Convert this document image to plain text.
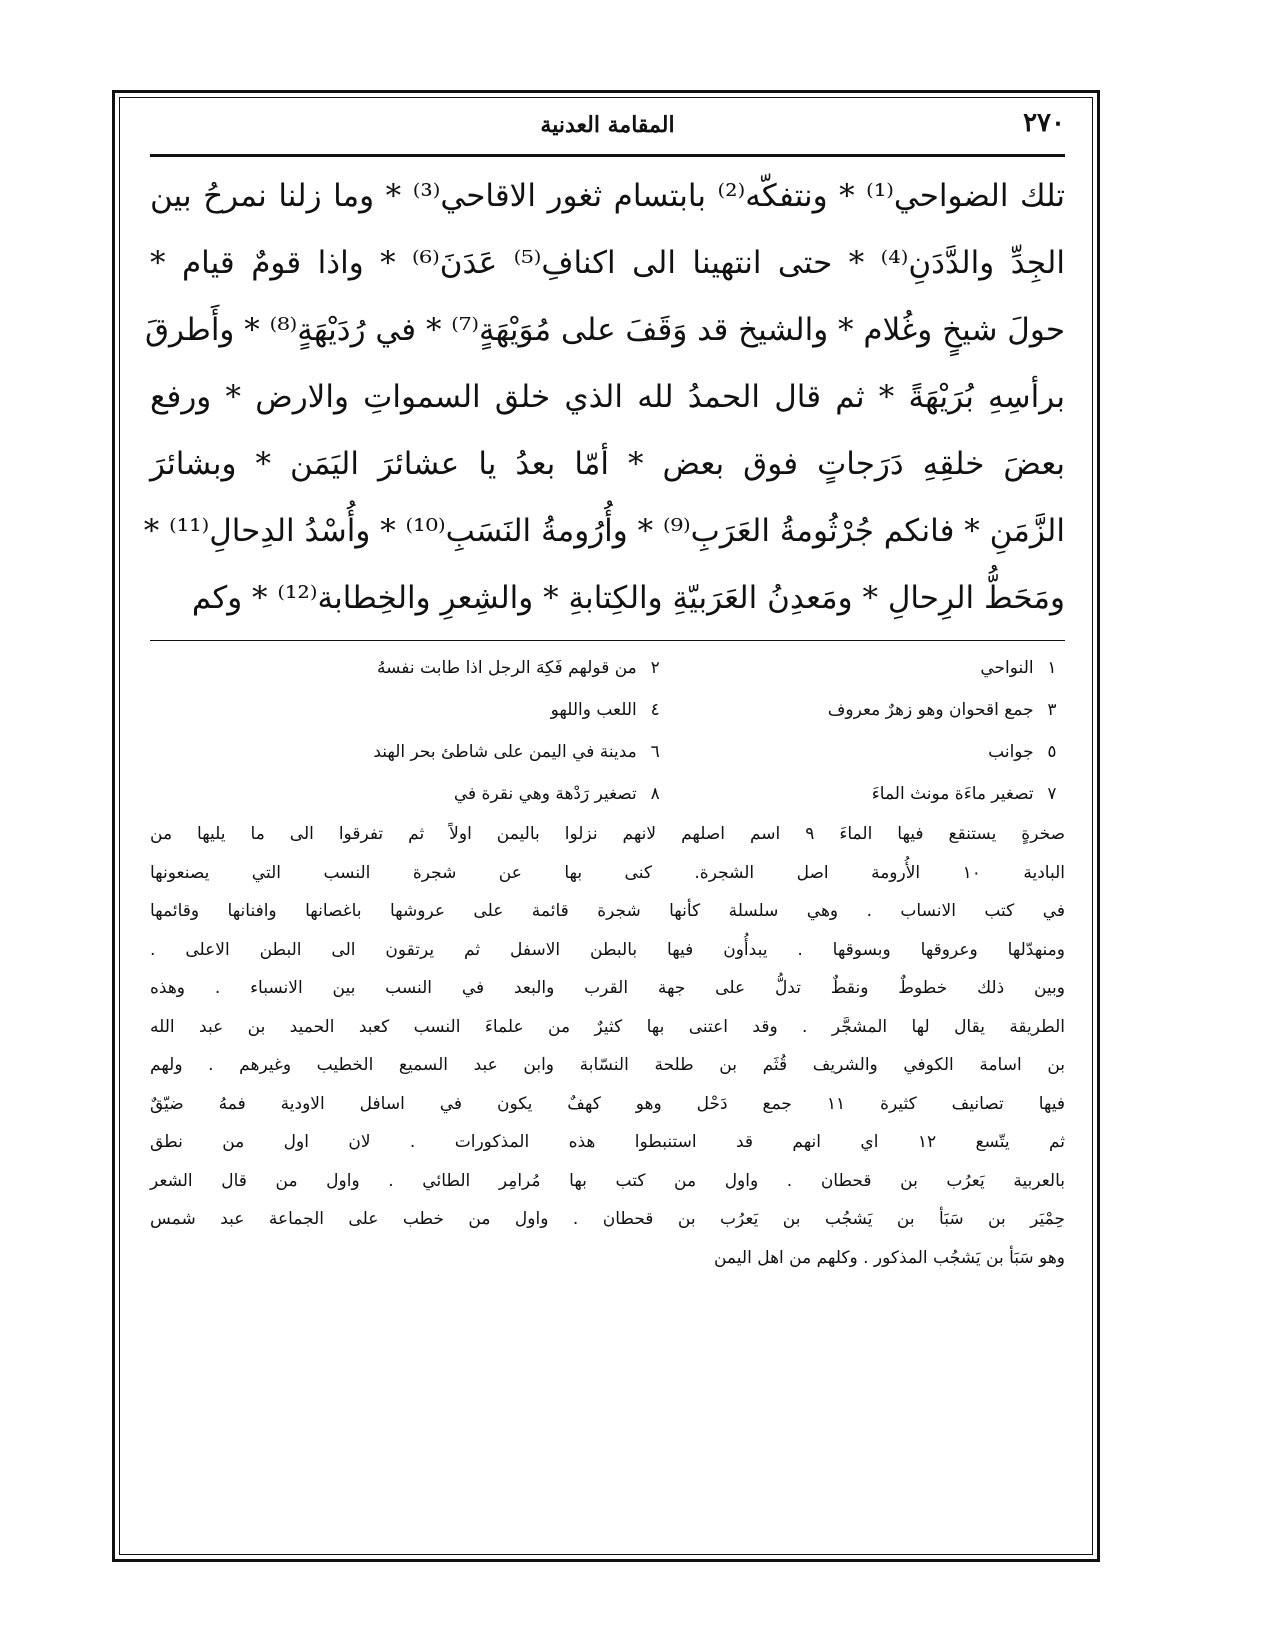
٢٧٠
المقامة العدنية
تلك الضواحي⁽¹⁾ * ونتفكّه⁽²⁾ بابتسام ثغور الاقاحي⁽³⁾ * وما زلنا نمرحُ بين
الجِدِّ والدَّدَنِ⁽⁴⁾ * حتى انتهينا الى اكنافِ⁽⁵⁾ عَدَنَ⁽⁶⁾ * واذا قومٌ قيام *
حولَ شيخٍ وغُلام * والشيخ قد وَقَفَ على مُوَيْهَةٍ⁽⁷⁾ * في رُدَيْهَةٍ⁽⁸⁾ * وأَطرقَ
برأسِهِ بُرَيْهَةً * ثم قال الحمدُ لله الذي خلق السمواتِ والارض * ورفع
بعضَ خلقِهِ دَرَجاتٍ فوق بعض * أمّا بعدُ يا عشائرَ اليَمَن * وبشائرَ
الزَّمَنِ * فانكم جُرْثُومةُ العَرَبِ⁽⁹⁾ * وأُرُومةُ النَسَبِ⁽¹⁰⁾ * وأُسْدُ الدِحالِ⁽¹¹⁾ *
ومَحَطُّ الرِحالِ * ومَعدِنُ العَرَبيّةِ والكِتابةِ * والشِعرِ والخِطابة⁽¹²⁾ * وكم
١ النواحي ٢ من قولهم فَكِهَ الرجل اذا طابت نفسهُ
٣ جمع اقحوان وهو زهرٌ معروف ٤ اللعب واللهو
٥ جوانب ٦ مدينة في اليمن على شاطئ بحر الهند
٧ تصغير ماءَة مونث الماءَ ٨ تصغير رَدْهة وهي نقرة في
صخرةٍ يستنقع فيها الماءَ ٩ اسم اصلهم لانهم نزلوا باليمن اولاً ثم تفرقوا الى ما يليها من
البادية ١٠ الأُرومة اصل الشجرة. كنى بها عن شجرة النسب التي يصنعونها
في كتب الانساب . وهي سلسلة كأنها شجرة قائمة على عروشها باغصانها وافنانها وقائمها
ومنهدّلها وعروقها وبسوقها . يبدأُون فيها بالبطن الاسفل ثم يرتقون الى البطن الاعلى .
وبين ذلك خطوطٌ ونقطٌ تدلُّ على جهة القرب والبعد في النسب بين الانسباء . وهذه
الطريقة يقال لها المشجَّر . وقد اعتنى بها كثيرٌ من علماءَ النسب كعبد الحميد بن عبد الله
بن اسامة الكوفي والشريف قُثَم بن طلحة النسّابة وابن عبد السميع الخطيب وغيرهم . ولهم
فيها تصانيف كثيرة ١١ جمع دَحْل وهو كهفٌ يكون في اسافل الاودية فمهُ ضيّقٌ
ثم يتّسع ١٢ اي انهم قد استنبطوا هذه المذكورات . لان اول من نطق
بالعربية يَعرُب بن قحطان . واول من كتب بها مُرامِر الطائي . واول من قال الشعر
حِمْيَر بن سَبَأ بن يَشجُب بن يَعرُب بن قحطان . واول من خطب على الجماعة عبد شمس
وهو سَبَأ بن يَشجُب المذكور . وكلهم من اهل اليمن
